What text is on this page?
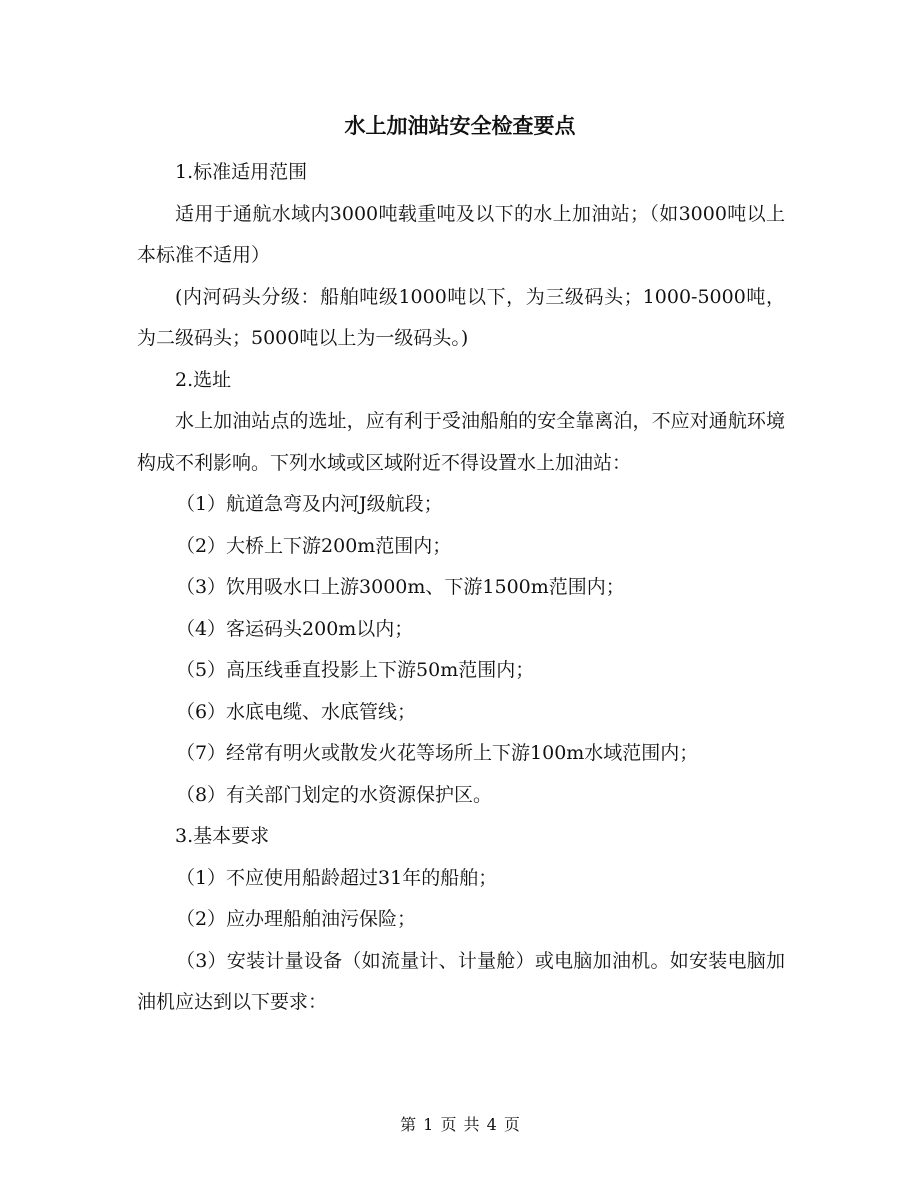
水上加油站安全检查要点

1.标准适用范围

适用于通航水域内3000吨载重吨及以下的水上加油站；（如3000吨以上本标准不适用）

(内河码头分级：船舶吨级1000吨以下，为三级码头；1000-5000吨，为二级码头；5000吨以上为一级码头。)

2.选址

水上加油站点的选址，应有利于受油船舶的安全靠离泊，不应对通航环境构成不利影响。下列水域或区域附近不得设置水上加油站：

（1）航道急弯及内河J级航段；

（2）大桥上下游200m范围内；

（3）饮用吸水口上游3000m、下游1500m范围内；

（4）客运码头200m以内；

（5）高压线垂直投影上下游50m范围内；

（6）水底电缆、水底管线；

（7）经常有明火或散发火花等场所上下游100m水域范围内；

（8）有关部门划定的水资源保护区。

3.基本要求

（1）不应使用船龄超过31年的船舶；

（2）应办理船舶油污保险；

（3）安装计量设备（如流量计、计量舱）或电脑加油机。如安装电脑加油机应达到以下要求：

第 1 页 共 4 页
